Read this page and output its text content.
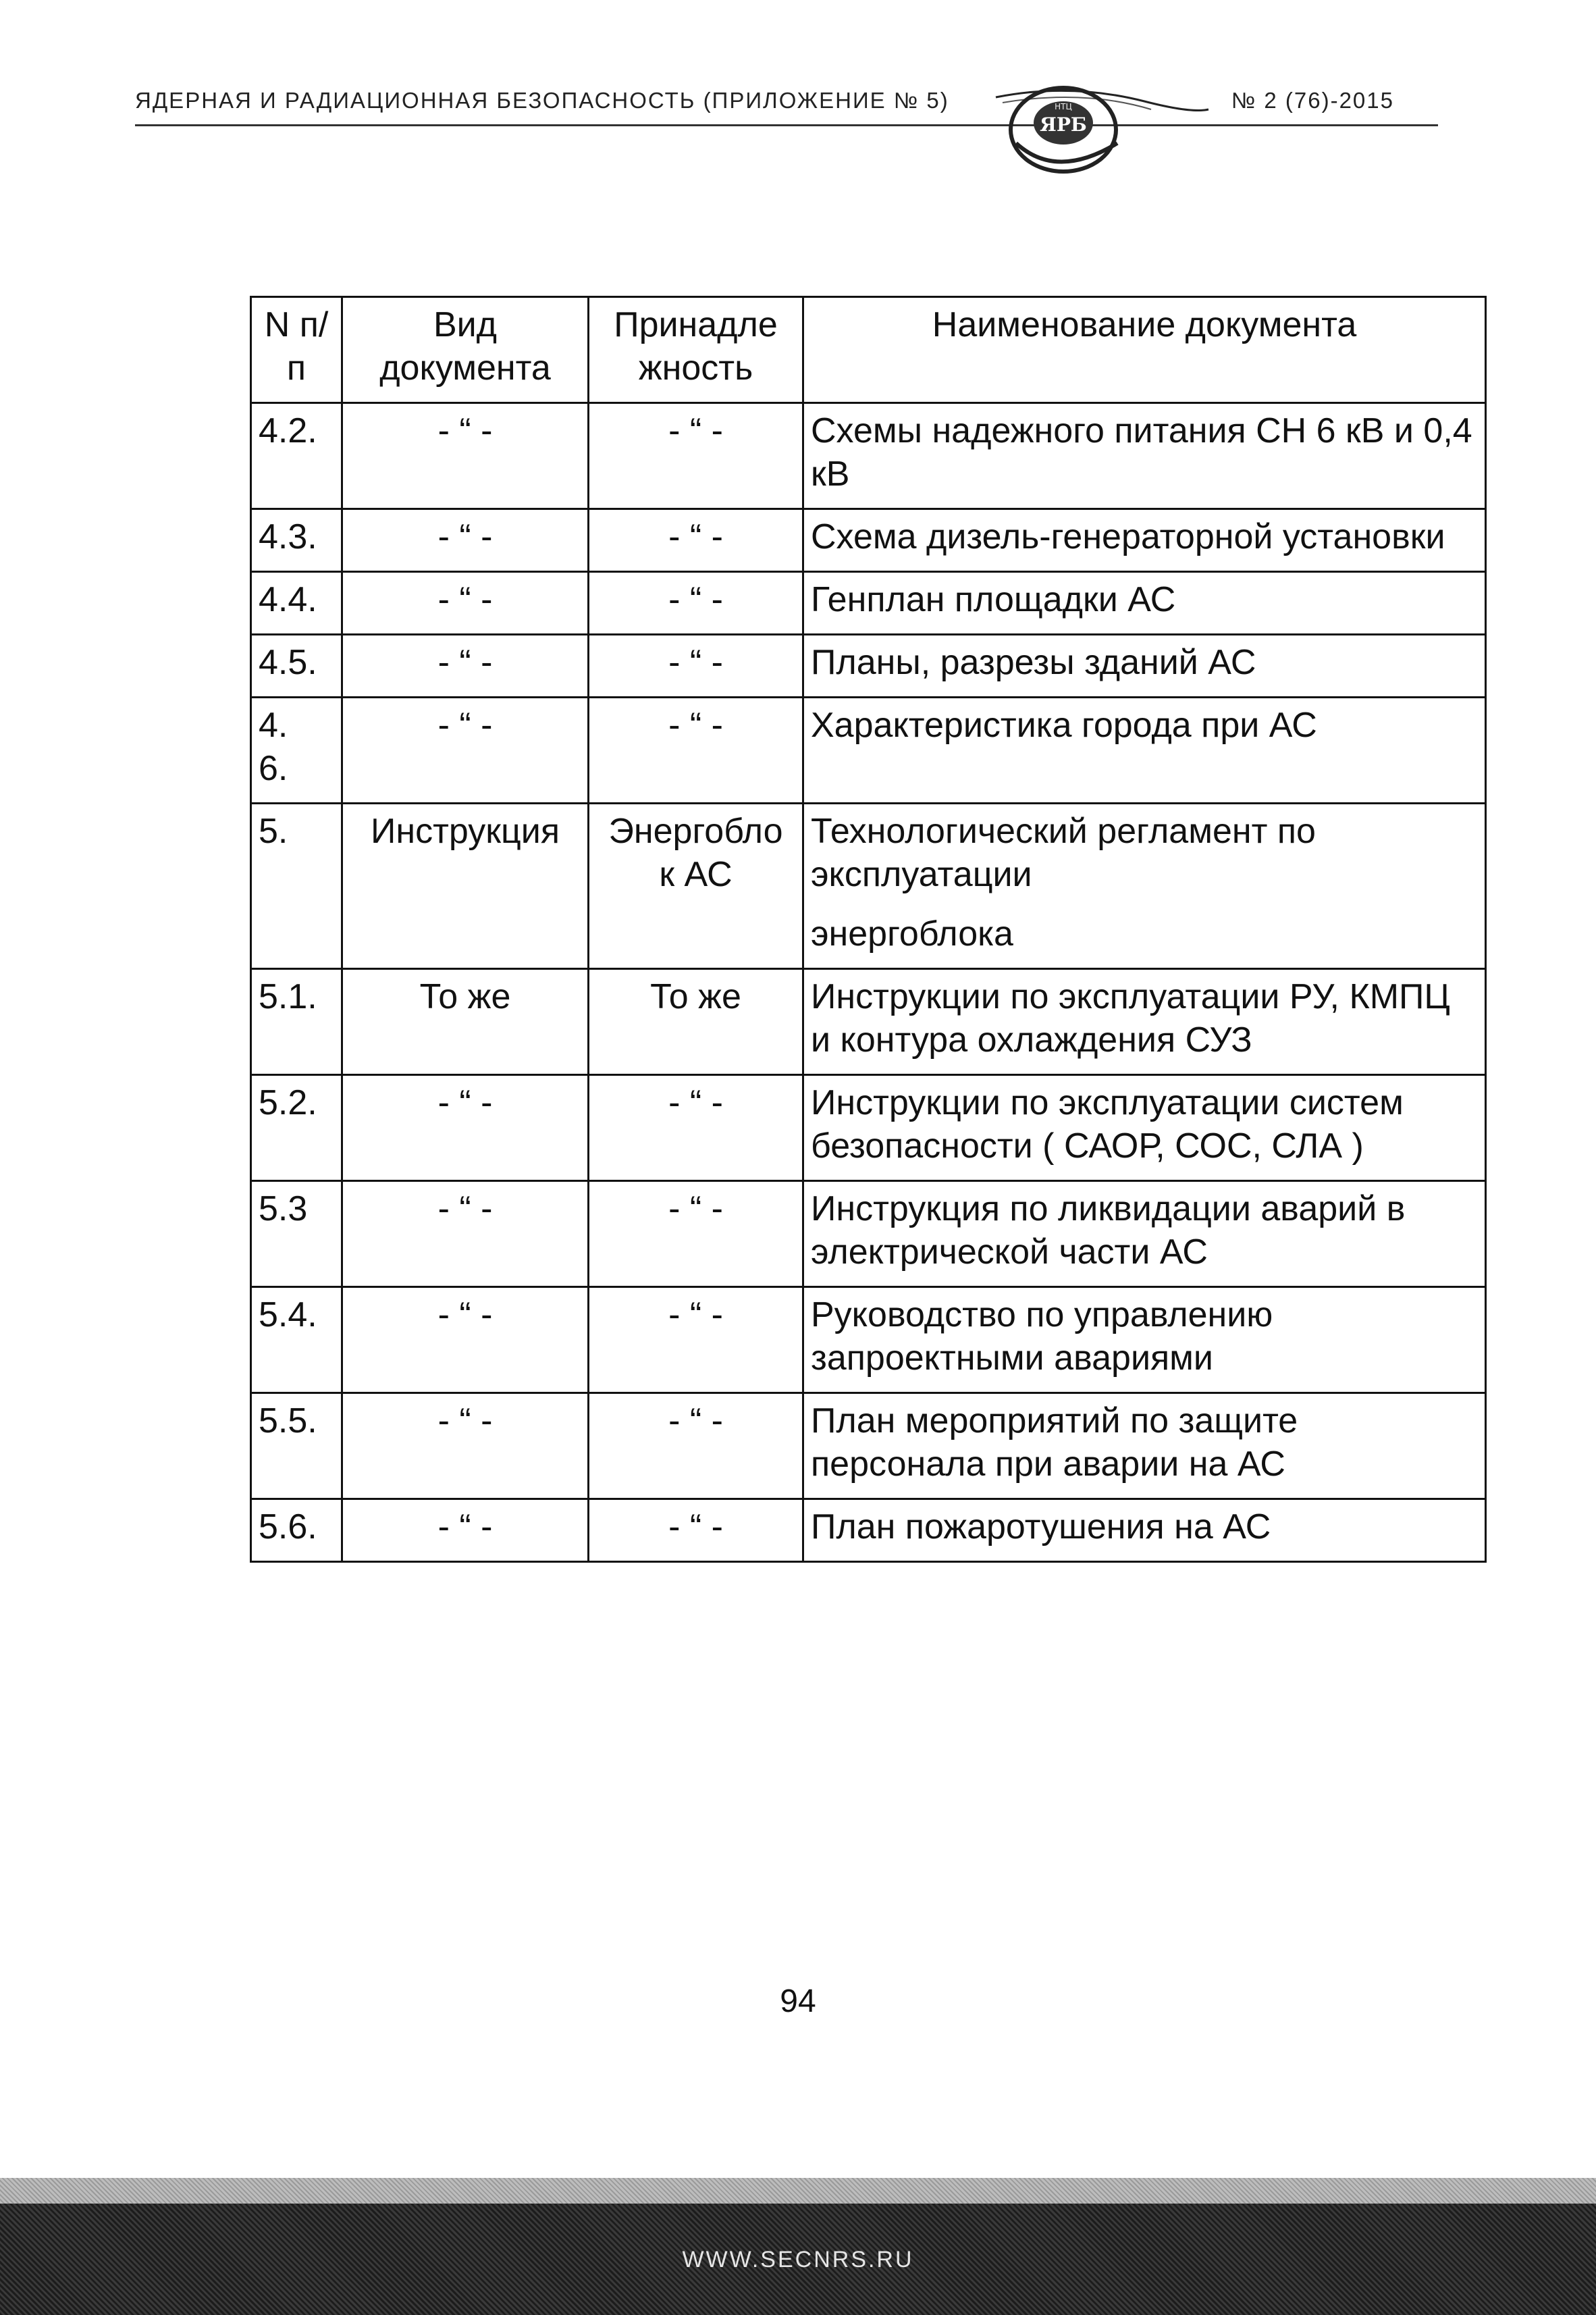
ЯДЕРНАЯ И РАДИАЦИОННАЯ БЕЗОПАСНОСТЬ (ПРИЛОЖЕНИЕ № 5)	№ 2 (76)-2015
НТЦ
ЯРБ
N п/п	Вид документа	Принадле жность	Наименование документа
4.2.	- “ -	- “ -	Схемы надежного питания СН 6 кВ и 0,4 кВ
4.3.	- “ -	- “ -	Схема дизель-генераторной установки
4.4.	- “ -	- “ -	Генплан площадки АС
4.5.	- “ -	- “ -	Планы, разрезы зданий АС
4. 6.	- “ -	- “ -	Характеристика города при АС
5.	Инструкция	Энергобло к АС	Технологический регламент по эксплуатации
энергоблока

5.1.	То же	То же	Инструкции по эксплуатации РУ, КМПЦ и контура охлаждения СУЗ
5.2.	- “ -	- “ -	Инструкции по эксплуатации систем безопасности ( САОР, СОС, СЛА )
5.3	- “ -	- “ -	Инструкция по ликвидации аварий в электрической части АС
5.4.	- “ -	- “ -	Руководство по управлению запроектными авариями
5.5.	- “ -	- “ -	План мероприятий по защите персонала при аварии на АС
5.6.	- “ -	- “ -	План пожаротушения на АС
94
WWW.SECNRS.RU
